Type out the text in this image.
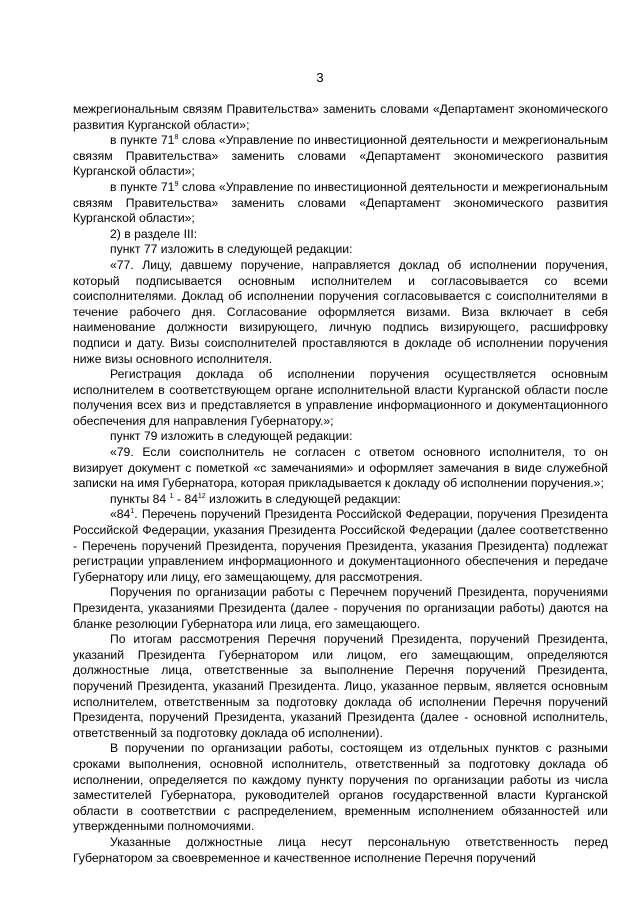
3

межрегиональным связям Правительства» заменить словами «Департамент экономического развития Курганской области»;

в пункте $71^8$ слова «Управление по инвестиционной деятельности и межрегиональным связям Правительства» заменить словами «Департамент экономического развития Курганской области»;

в пункте $71^9$ слова «Управление по инвестиционной деятельности и межрегиональным связям Правительства» заменить словами «Департамент экономического развития Курганской области»;

2) в разделе III:

пункт 77 изложить в следующей редакции:

«77. Лицу, давшему поручение, направляется доклад об исполнении поручения, который подписывается основным исполнителем и согласовывается со всеми соисполнителями. Доклад об исполнении поручения согласовывается с соисполнителями в течение рабочего дня. Согласование оформляется визами. Виза включает в себя наименование должности визирующего, личную подпись визирующего, расшифровку подписи и дату. Визы соисполнителей проставляются в докладе об исполнении поручения ниже визы основного исполнителя.

Регистрация доклада об исполнении поручения осуществляется основным исполнителем в соответствующем органе исполнительной власти Курганской области после получения всех виз и представляется в управление информационного и документационного обеспечения для направления Губернатору.»;

пункт 79 изложить в следующей редакции:

«79. Если соисполнитель не согласен с ответом основного исполнителя, то он визирует документ с пометкой «с замечаниями» и оформляет замечания в виде служебной записки на имя Губернатора, которая прикладывается к докладу об исполнении поручения.»;

пункты 84 $^1 - 84^{12}$ изложить в следующей редакции:

«$84^1$. Перечень поручений Президента Российской Федерации, поручения Президента Российской Федерации, указания Президента Российской Федерации (далее соответственно - Перечень поручений Президента, поручения Президента, указания Президента) подлежат регистрации управлением информационного и документационного обеспечения и передаче Губернатору или лицу, его замещающему, для рассмотрения.

Поручения по организации работы с Перечнем поручений Президента, поручениями Президента, указаниями Президента (далее - поручения по организации работы) даются на бланке резолюции Губернатора или лица, его замещающего.

По итогам рассмотрения Перечня поручений Президента, поручений Президента, указаний Президента Губернатором или лицом, его замещающим, определяются должностные лица, ответственные за выполнение Перечня поручений Президента, поручений Президента, указаний Президента. Лицо, указанное первым, является основным исполнителем, ответственным за подготовку доклада об исполнении Перечня поручений Президента, поручений Президента, указаний Президента (далее - основной исполнитель, ответственный за подготовку доклада об исполнении).

В поручении по организации работы, состоящем из отдельных пунктов с разными сроками выполнения, основной исполнитель, ответственный за подготовку доклада об исполнении, определяется по каждому пункту поручения по организации работы из числа заместителей Губернатора, руководителей органов государственной власти Курганской области в соответствии с распределением, временным исполнением обязанностей или утвержденными полномочиями.

Указанные должностные лица несут персональную ответственность перед Губернатором за своевременное и качественное исполнение Перечня поручений
